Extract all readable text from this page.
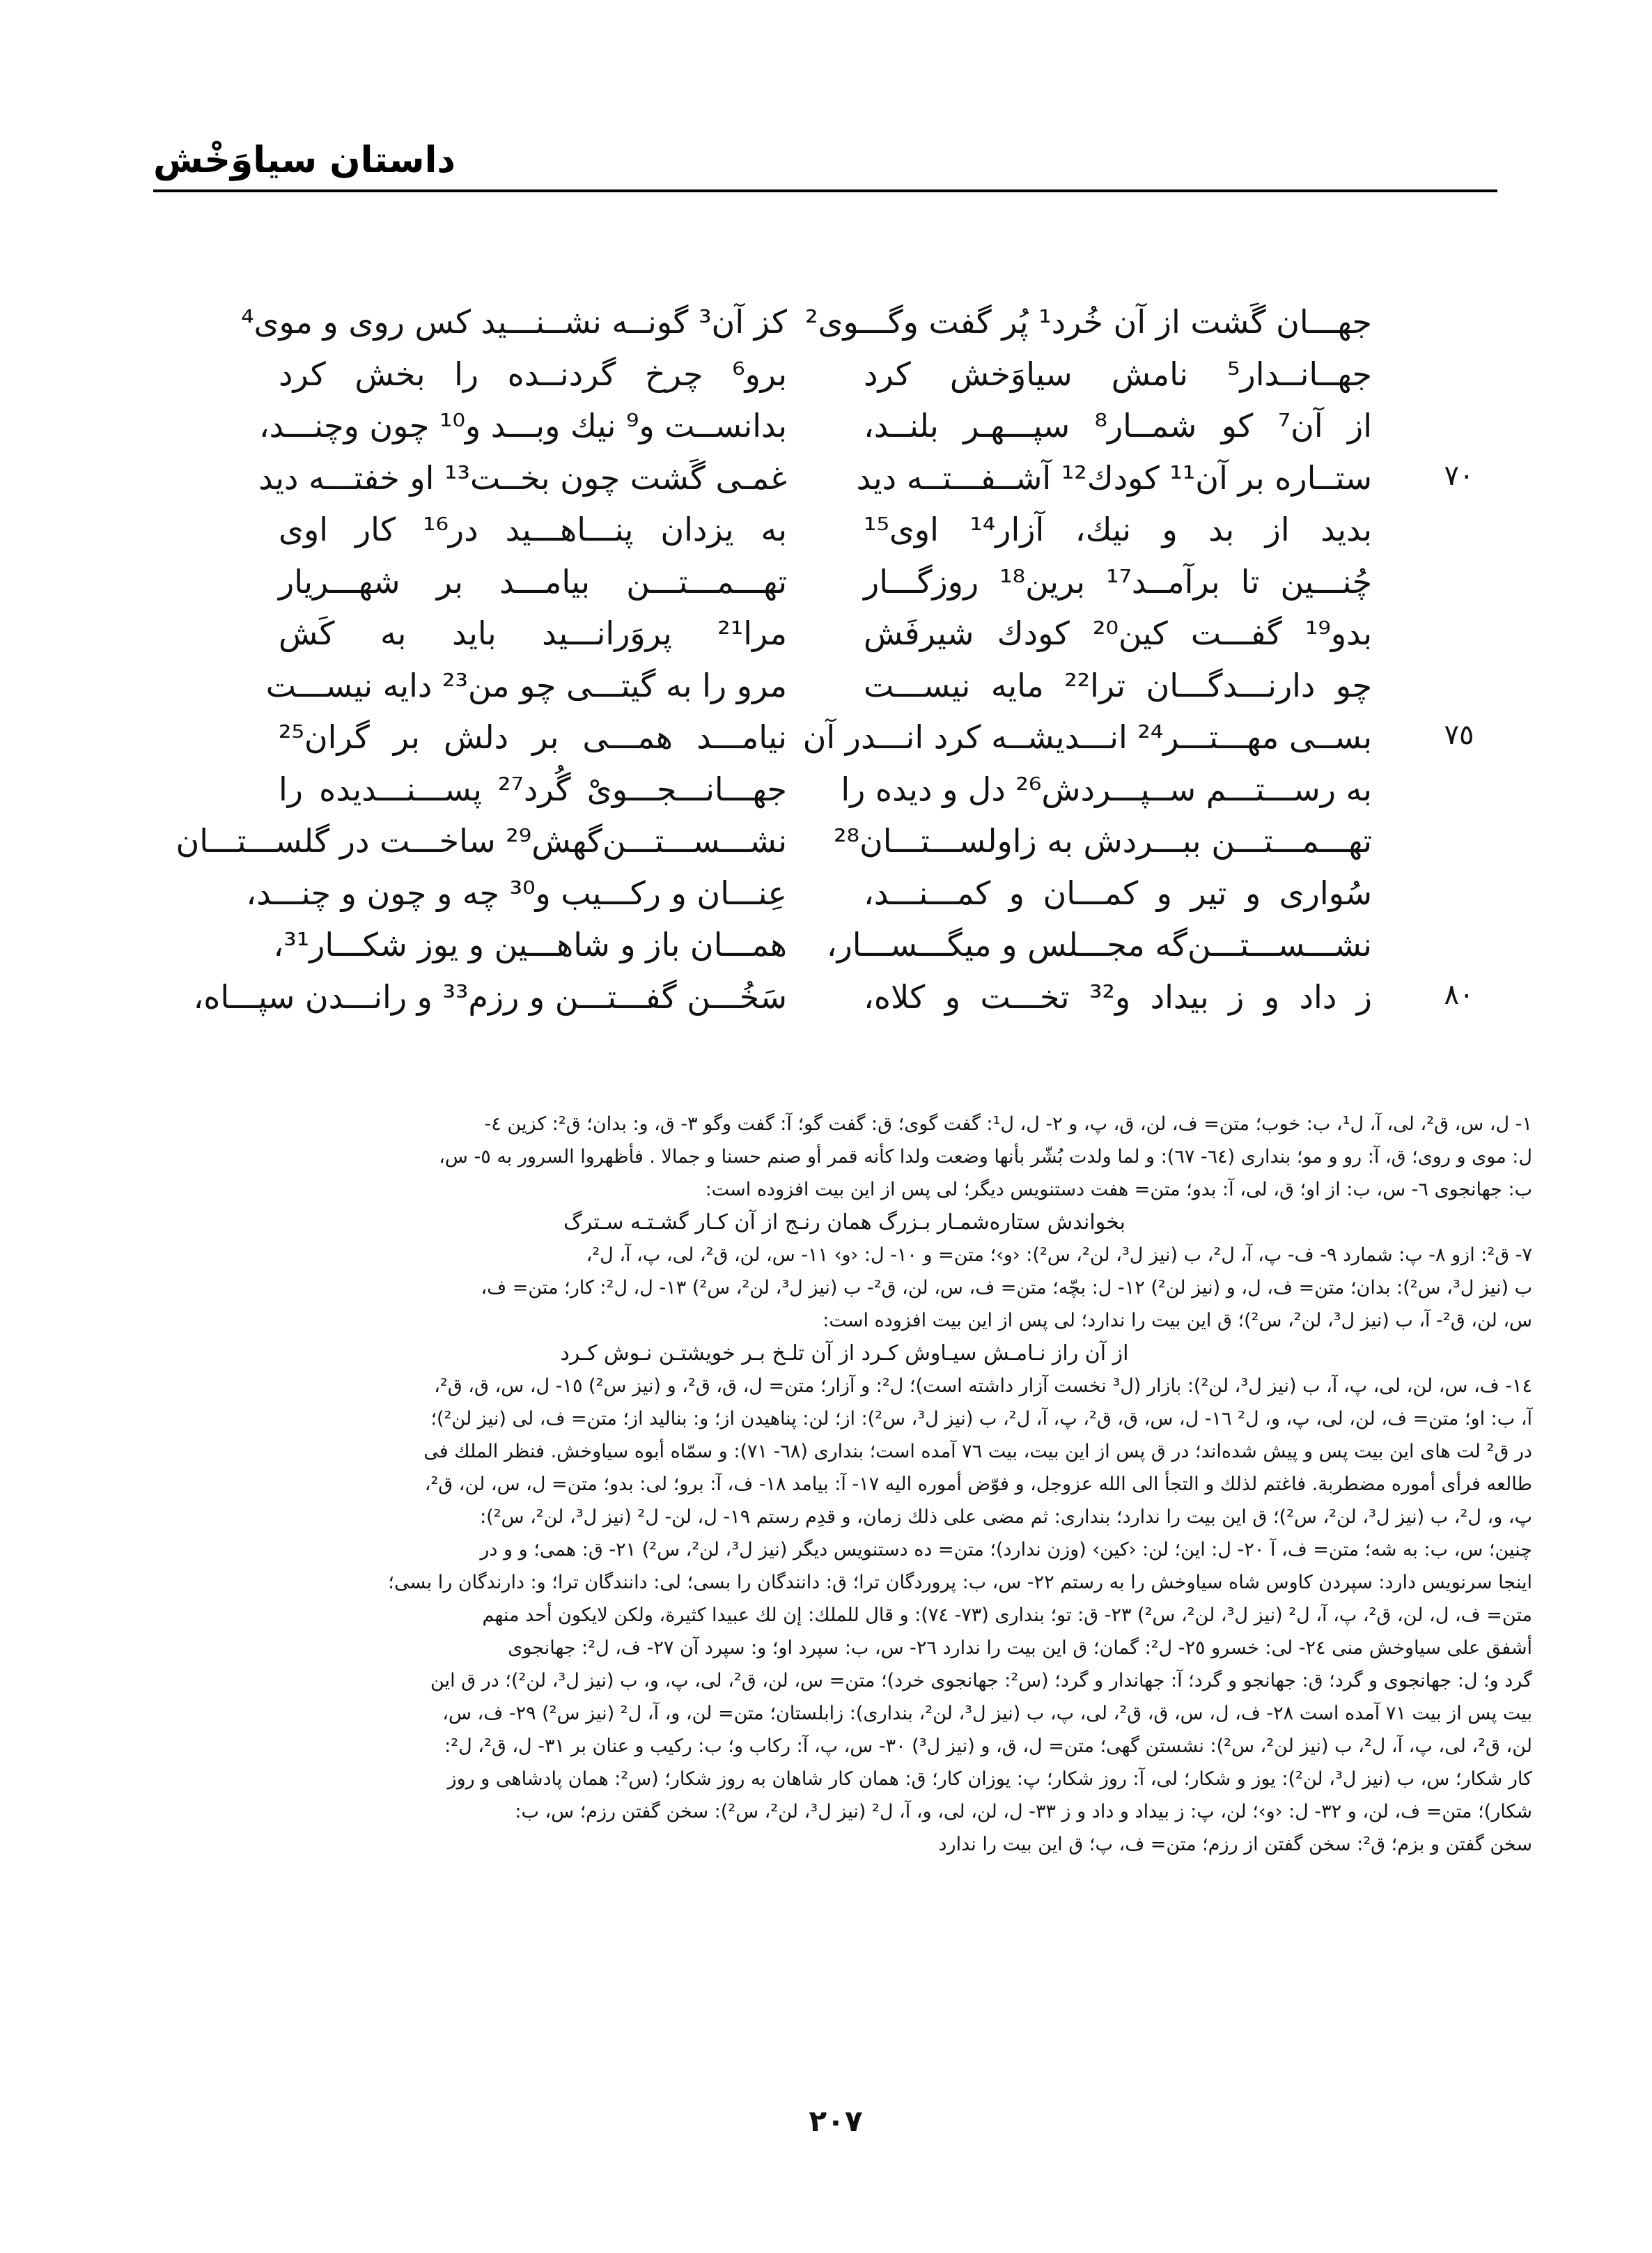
داستان سیاوَخْش
جهـــان گَشت از آن خُرد¹ پُر گفت وگـــوی²
کز آن³ گونــه نشــنـــید کس روی و موی⁴
جهــانــدار⁵ نامش سیاوَخش کرد
برو⁶ چرخ گردنــده را بخش کرد
از آن⁷ کو شمــار⁸ سپـــهـر بلنــد،
بدانســت و⁹ نیك وبـــد و¹⁰ چون وچنـــد،
٧٠
ستــاره بر آن¹¹ کودك¹² آشــفـــتــه دید
غمـی گَشت چون بخــت¹³ او خفتـــه دید
بدید از بد و نیك، آزار¹⁴ اوی¹⁵
به یزدان پنـــاهـــید در¹⁶ کار اوی
چُنـــین تا برآمــد¹⁷ برین¹⁸ روزگـــار
تهـــمـــتـــن بیامـــد بر شهـــریار
بدو¹⁹ گفـــت کین²⁰ کودك شیرفَش
مرا²¹ پروَرانـــید باید به کَش
چو دارنـــدگـــان ترا²² مایه نیســـت
مرو را به گیتـــی چو من²³ دایه نیســـت
٧٥
بســی مهـــتـــر²⁴ انـــدیشــه کرد انـــدر آن
نیامـــد همـــی بر دلش بر گران²⁵
به رســـتـــم ســپـــردش²⁶ دل و دیده را
جهـــانـــجـــویْ گُرد²⁷ پســـنـــدیده را
تهـــمـــتـــن ببـــردش به زاولســـتـــان²⁸
نشـــســـتـــن‌گهش²⁹ ساخـــت در گلســـتـــان
سُواری و تیر و کمـــان و کمـــنـــد،
عِنـــان و رکـــیب و³⁰ چه و چون و چنـــد،
نشـــســـتـــن‌گه مجـــلس و میگـــســـار،
همـــان باز و شاهـــین و یوز شکـــار³¹،
٨٠
ز داد و ز بیداد و³² تخـــت و کلاه،
سَخُـــن گفـــتـــن و رزم³³ و رانـــدن سپـــاه،
١- ل، س، ق²، لی، آ، ل¹، ب: خوب؛ متن= ف، لن، ق، پ، و ٢- ل، ل¹: گفت گوی؛ ق: گفت گو؛ آ: گفت وگو ٣- ق، و: بدان؛ ق²: کزین ٤-
ل: موی و روی؛ ق، آ: رو و مو؛ بنداری (٦٤- ٦٧): و لما ولدت بُشّر بأنها وضعت ولدا كأنه قمر أو صنم حسنا و جمالا . فأظهروا السرور به ٥- س،
ب: جهانجوی ٦- س، ب: از او؛ ق، لی، آ: بدو؛ متن= هفت دستنویس دیگر؛ لی پس از این بیت افزوده است:
بخواندش ستاره‌شمـار بـزرگ همان رنـج از آن کـار گشـتـه سـترگ
٧- ق²: ازو ٨- پ: شمارد ٩- ف- پ، آ، ل²، ب (نیز ل³، لن²، س²): ‹و›؛ متن= و ١٠- ل: ‹و› ١١- س، لن، ق²، لی، پ، آ، ل²،
ب (نیز ل³، س²): بدان؛ متن= ف، ل، و (نیز لن²) ١٢- ل: بچّه؛ متن= ف، س، لن، ق²- ب (نیز ل³، لن²، س²) ١٣- ل، ل²: کار؛ متن= ف،
س، لن، ق²- آ، ب (نیز ل³، لن²، س²)؛ ق این بیت را ندارد؛ لی پس از این بیت افزوده است:
از آن راز نـامـش سیـاوش کـرد از آن تلـخ بـر خویشتـن نـوش کـرد
١٤- ف، س، لن، لی، پ، آ، ب (نیز ل³، لن²): بازار (ل³ نخست آزار داشته است)؛ ل²: و آزار؛ متن= ل، ق، ق²، و (نیز س²) ١٥- ل، س، ق، ق²،
آ، ب: او؛ متن= ف، لن، لی، پ، و، ل² ١٦- ل، س، ق، ق²، پ، آ، ل²، ب (نیز ل³، س²): از؛ لن: پناهیدن از؛ و: بنالید از؛ متن= ف، لی (نیز لن²)؛
در ق² لت های این بیت پس و پیش شده‌اند؛ در ق پس از این بیت، بیت ٧٦ آمده است؛ بنداری (٦٨- ٧١): و سمّاه أبوه سیاوخش. فنظر الملك فی
طالعه فرأی أموره مضطربة. فاغتم لذلك و التجأ الی الله عزوجل، و فوّض أموره الیه ١٧- آ: بیامد ١٨- ف، آ: برو؛ لی: بدو؛ متن= ل، س، لن، ق²،
پ، و، ل²، ب (نیز ل³، لن²، س²)؛ ق این بیت را ندارد؛ بنداری: ثم مضی علی ذلك زمان، و قدِم رستم ١٩- ل، لن- ل² (نیز ل³، لن²، س²):
چنین؛ س، ب: به شه؛ متن= ف، آ ٢٠- ل: این؛ لن: ‹کین› (وزن ندارد)؛ متن= ده دستنویس دیگر (نیز ل³، لن²، س²) ٢١- ق: همی؛ و و در
اینجا سرنویس دارد: سپردن کاوس شاه سیاوخش را به رستم ٢٢- س، ب: پروردگان ترا؛ ق: دانندگان را بسی؛ لی: دانندگان ترا؛ و: دارندگان را بسی؛
متن= ف، ل، لن، ق²، پ، آ، ل² (نیز ل³، لن²، س²) ٢٣- ق: تو؛ بنداری (٧٣- ٧٤): و قال للملك: إن لك عبیدا كثیرة، ولكن لایكون أحد منهم
أشفق علی سیاوخش منی ٢٤- لی: خسرو ٢٥- ل²: گمان؛ ق این بیت را ندارد ٢٦- س، ب: سپرد او؛ و: سپرد آن ٢٧- ف، ل²: جهانجوی
گرد و؛ ل: جهانجوی و گرد؛ ق: جهانجو و گرد؛ آ: جهاندار و گرد؛ (س²: جهانجوی خرد)؛ متن= س، لن، ق²، لی، پ، و، ب (نیز ل³، لن²)؛ در ق این
بیت پس از بیت ٧١ آمده است ٢٨- ف، ل، س، ق، ق²، لی، پ، ب (نیز ل³، لن²، بنداری): زابلستان؛ متن= لن، و، آ، ل² (نیز س²) ٢٩- ف، س،
لن، ق²، لی، پ، آ، ل²، ب (نیز لن²، س²): نشستن گهی؛ متن= ل، ق، و (نیز ل³) ٣٠- س، پ، آ: رکاب و؛ ب: رکیب و عنان بر ٣١- ل، ق²، ل²:
کار شکار؛ س، ب (نیز ل³، لن²): یوز و شکار؛ لی، آ: روز شکار؛ پ: یوزان کار؛ ق: همان کار شاهان به روز شکار؛ (س²: همان پادشاهی و روز
شکار)؛ متن= ف، لن، و ٣٢- ل: ‹و›؛ لن، پ: ز بیداد و داد و ز ٣٣- ل، لن، لی، و، آ، ل² (نیز ل³، لن²، س²): سخن گفتن رزم؛ س، ب:
سخن گفتن و بزم؛ ق²: سخن گفتن از رزم؛ متن= ف، پ؛ ق این بیت را ندارد
٢٠٧
